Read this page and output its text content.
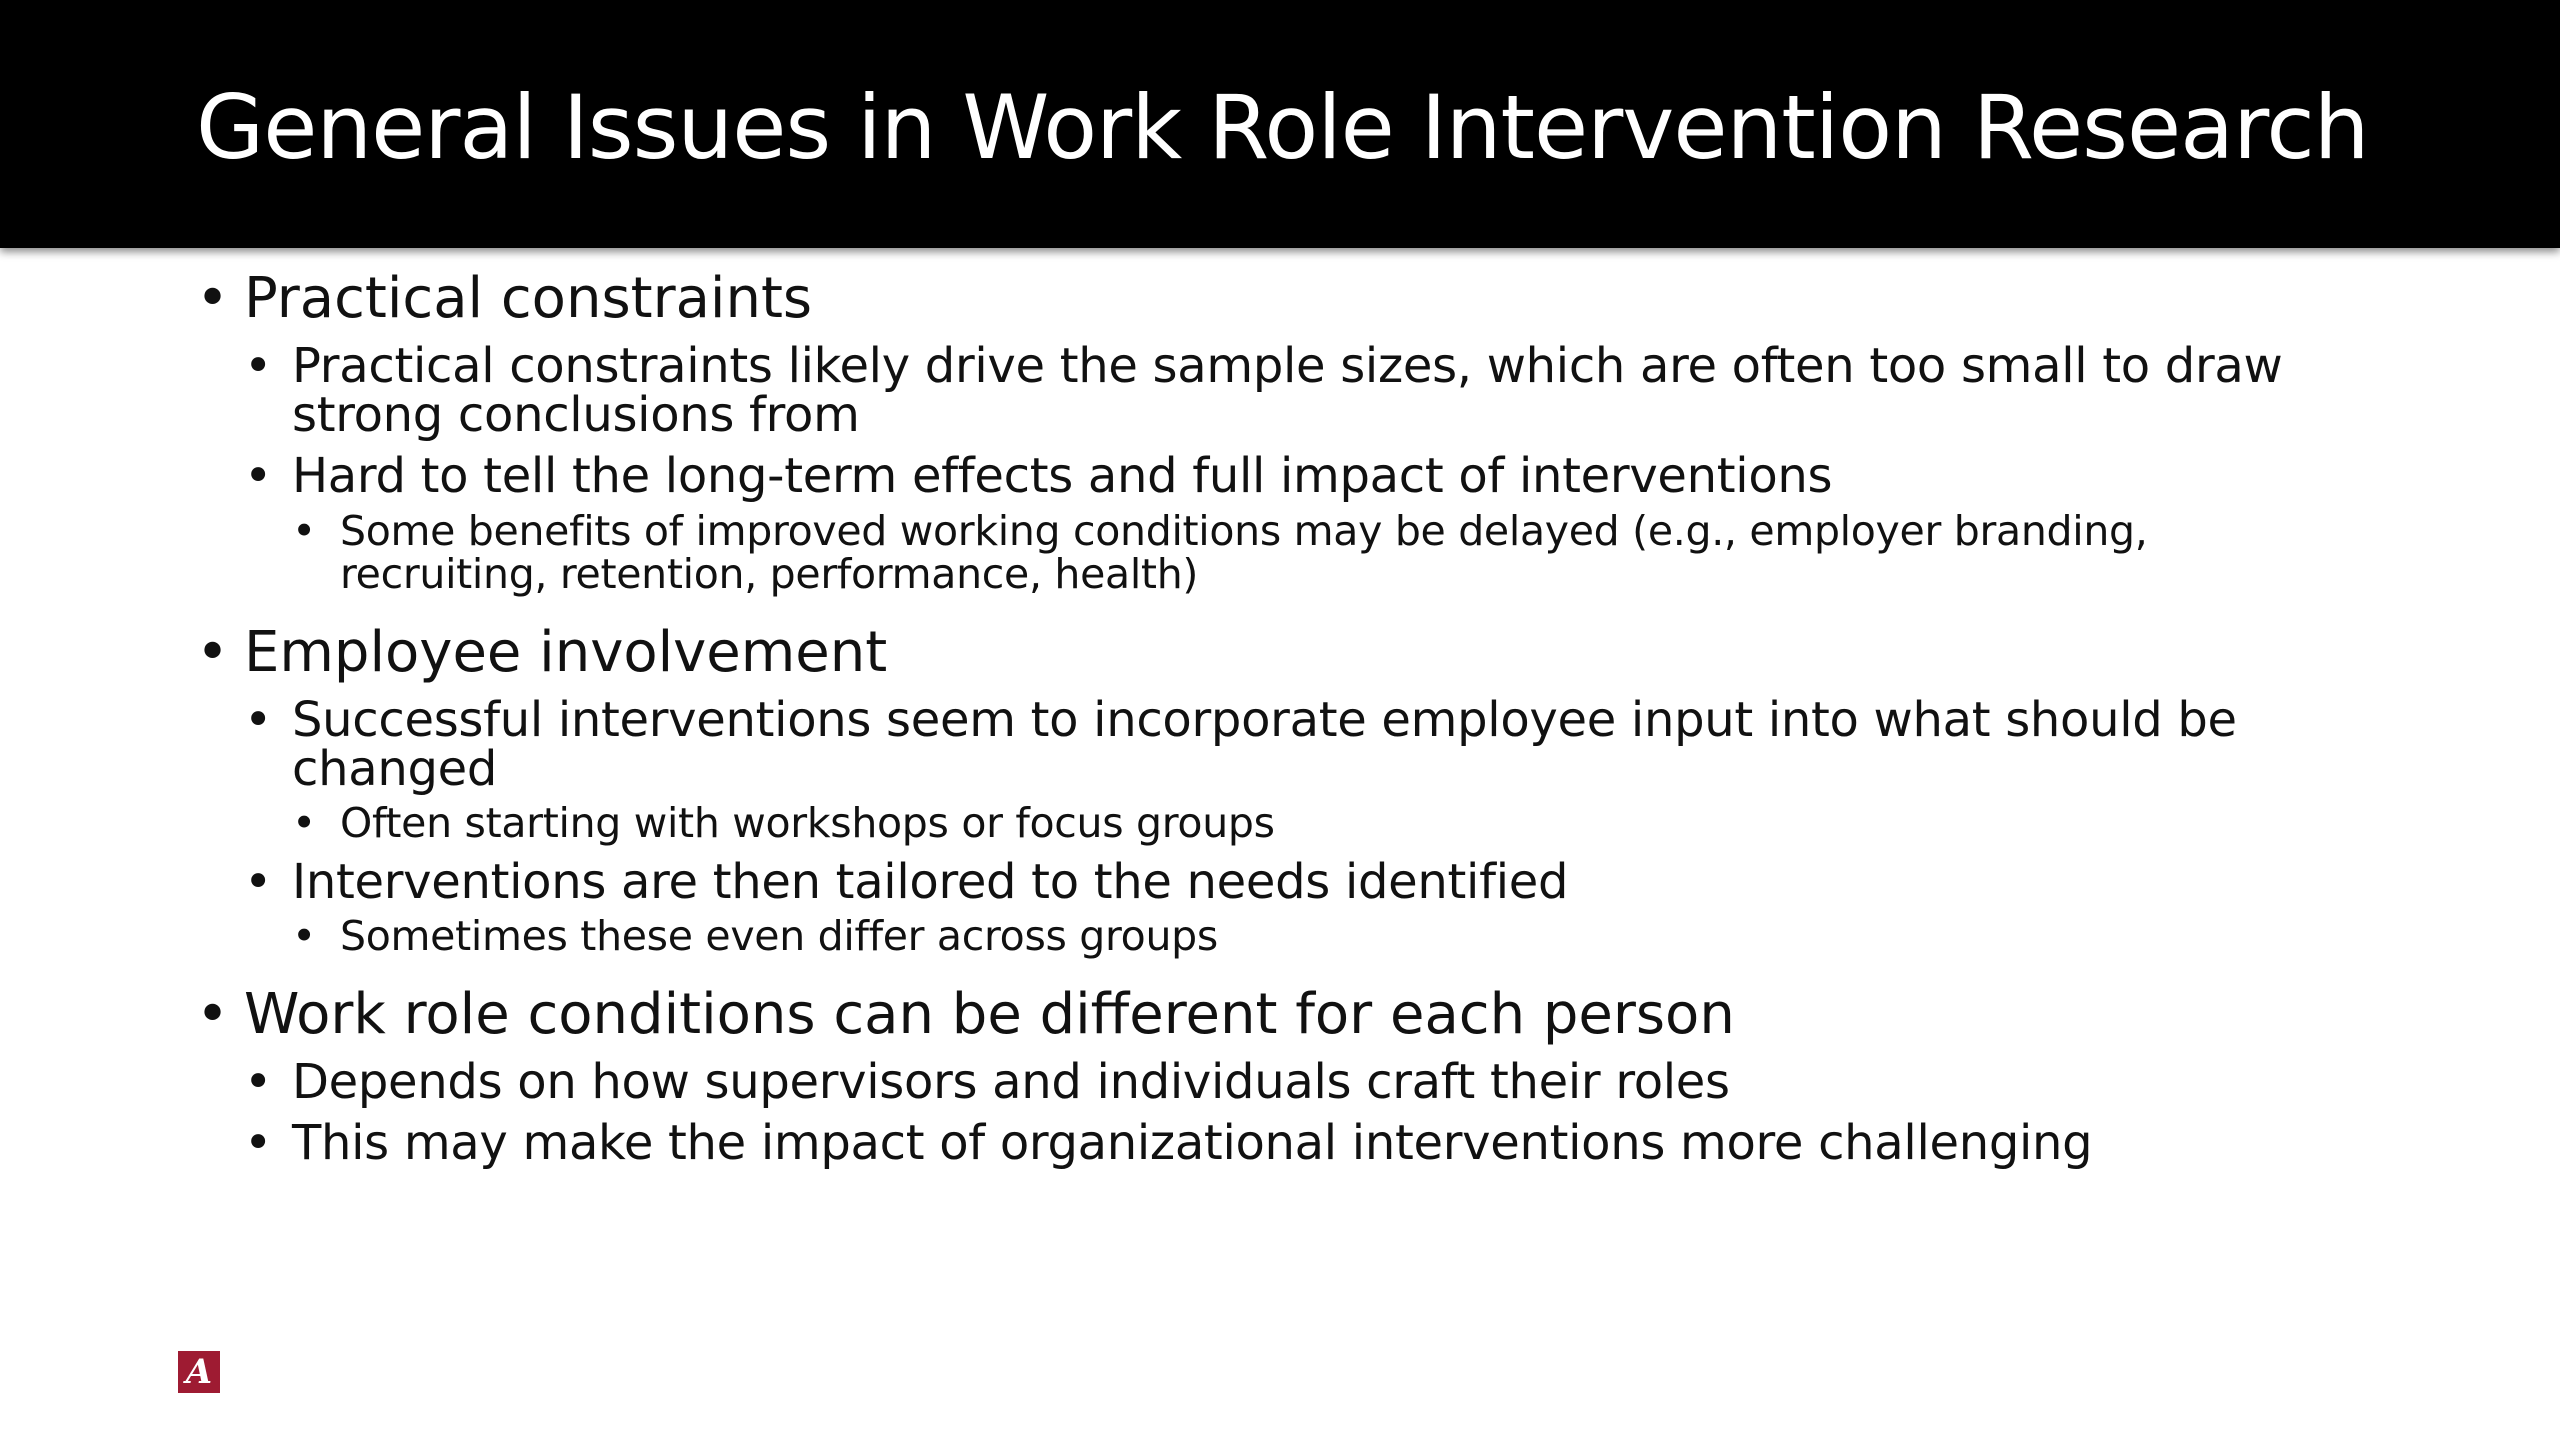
General Issues in Work Role Intervention Research
• Practical constraints
• Practical constraints likely drive the sample sizes, which are often too small to draw strong conclusions from
• Hard to tell the long-term effects and full impact of interventions
• Some benefits of improved working conditions may be delayed (e.g., employer branding, recruiting, retention, performance, health)
• Employee involvement
• Successful interventions seem to incorporate employee input into what should be changed
• Often starting with workshops or focus groups
• Interventions are then tailored to the needs identified
• Sometimes these even differ across groups
• Work role conditions can be different for each person
• Depends on how supervisors and individuals craft their roles
• This may make the impact of organizational interventions more challenging
A
